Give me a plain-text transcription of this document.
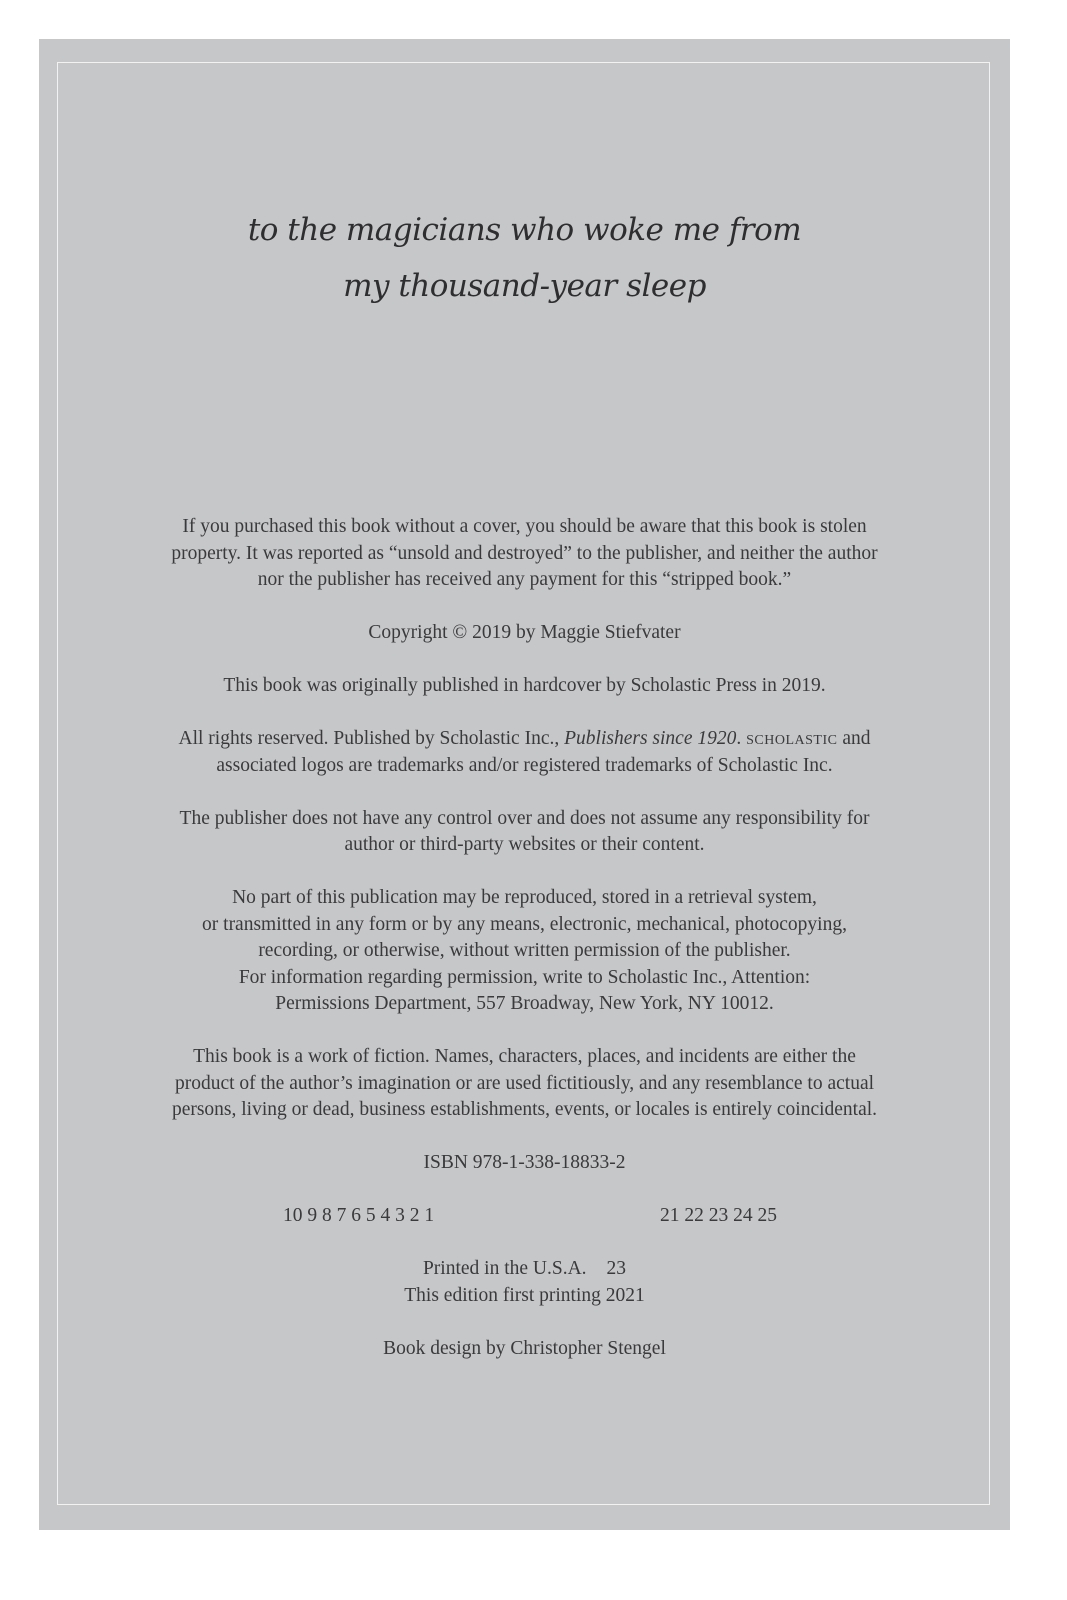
to the magicians who woke me from
my thousand-year sleep

If you purchased this book without a cover, you should be aware that this book is stolen
property. It was reported as “unsold and destroyed” to the publisher, and neither the author
nor the publisher has received any payment for this “stripped book.”

Copyright © 2019 by Maggie Stiefvater

This book was originally published in hardcover by Scholastic Press in 2019.

All rights reserved. Published by Scholastic Inc., Publishers since 1920. scholastic and
associated logos are trademarks and/or registered trademarks of Scholastic Inc.

The publisher does not have any control over and does not assume any responsibility for
author or third-party websites or their content.

No part of this publication may be reproduced, stored in a retrieval system,
or transmitted in any form or by any means, electronic, mechanical, photocopying,
recording, or otherwise, without written permission of the publisher.
For information regarding permission, write to Scholastic Inc., Attention:
Permissions Department, 557 Broadway, New York, NY 10012.

This book is a work of fiction. Names, characters, places, and incidents are either the
product of the author’s imagination or are used fictitiously, and any resemblance to actual
persons, living or dead, business establishments, events, or locales is entirely coincidental.

ISBN 978-1-338-18833-2

10 9 8 7 6 5 4 3 2 1	21 22 23 24 25

Printed in the U.S.A. 23
This edition first printing 2021

Book design by Christopher Stengel
